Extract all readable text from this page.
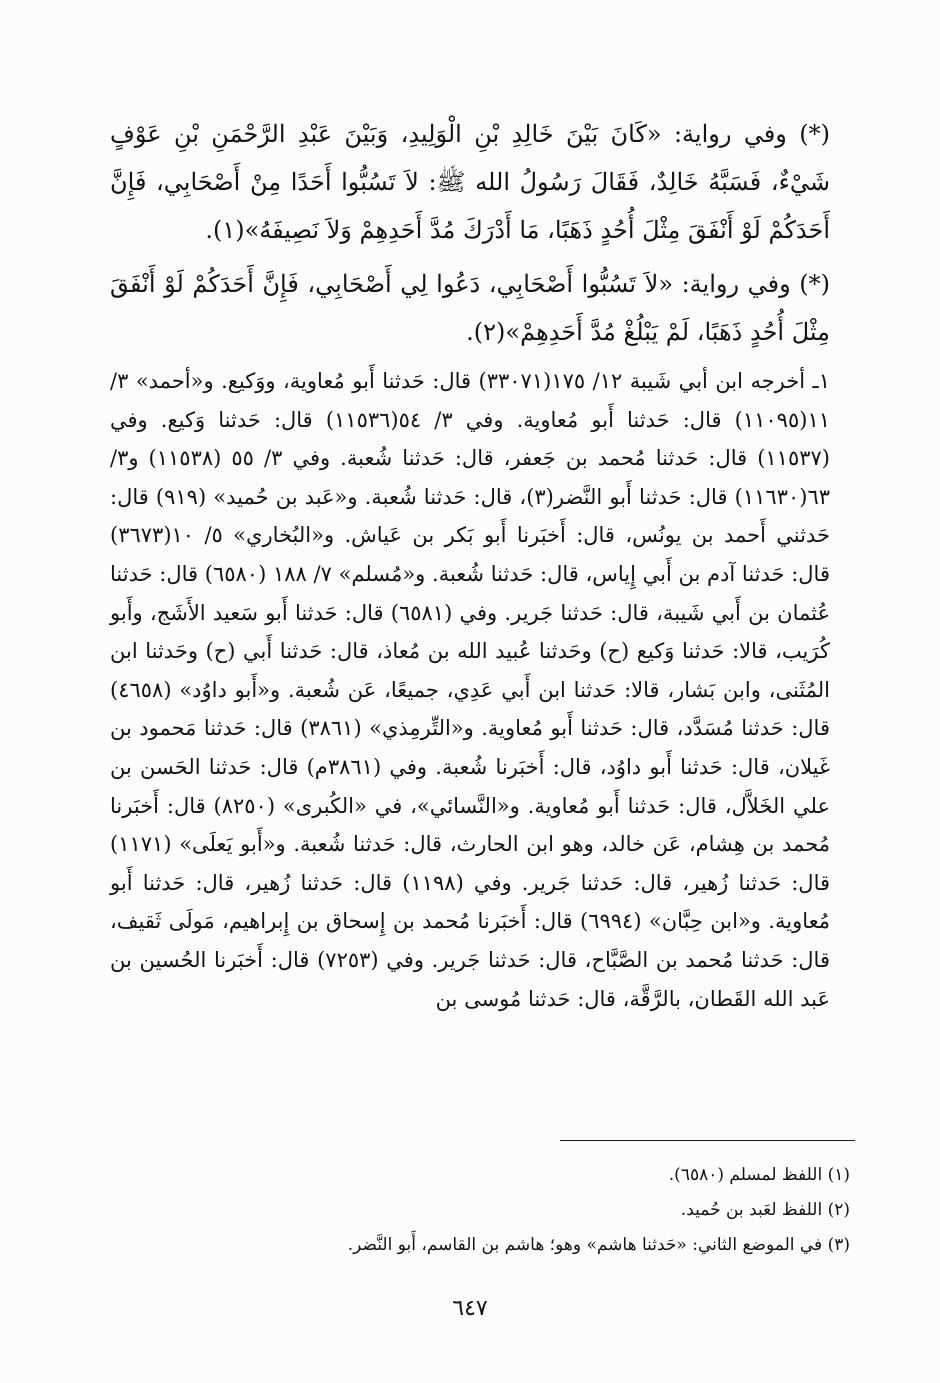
(*) وفي رواية: «كَانَ بَيْنَ خَالِدِ بْنِ الْوَلِيدِ، وَبَيْنَ عَبْدِ الرَّحْمَنِ بْنِ عَوْفٍ شَيْءٌ، فَسَبَّهُ خَالِدٌ، فَقَالَ رَسُولُ الله ﷺ: لاَ تَسُبُّوا أَحَدًا مِنْ أَصْحَابِي، فَإِنَّ أَحَدَكُمْ لَوْ أَنْفَقَ مِثْلَ أُحُدٍ ذَهَبًا، مَا أَدْرَكَ مُدَّ أَحَدِهِمْ وَلاَ نَصِيفَهُ»(١).

(*) وفي رواية: «لاَ تَسُبُّوا أَصْحَابِي، دَعُوا لِي أَصْحَابِي، فَإِنَّ أَحَدَكُمْ لَوْ أَنْفَقَ مِثْلَ أُحُدٍ ذَهَبًا، لَمْ يَبْلُغْ مُدَّ أَحَدِهِمْ»(٢).

١ـ أخرجه ابن أبي شَيبة ١٢/ ١٧٥(٣٣٠٧١) قال: حَدثنا أَبو مُعاوية، ووَكيع. و«أحمد» ٣/ ١١(١١٠٩٥) قال: حَدثنا أَبو مُعاوية. وفي ٣/ ٥٤(١١٥٣٦) قال: حَدثنا وَكيع. وفي (١١٥٣٧) قال: حَدثنا مُحمد بن جَعفر، قال: حَدثنا شُعبة. وفي ٣/ ٥٥ (١١٥٣٨) و٣/ ٦٣(١١٦٣٠) قال: حَدثنا أَبو النَّضر(٣)، قال: حَدثنا شُعبة. و«عَبد بن حُميد» (٩١٩) قال: حَدثني أَحمد بن يونُس، قال: أَخبَرنا أَبو بَكر بن عَياش. و«البُخاري» ٥/ ١٠(٣٦٧٣) قال: حَدثنا آدم بن أَبي إِياس، قال: حَدثنا شُعبة. و«مُسلم» ٧/ ١٨٨ (٦٥٨٠) قال: حَدثنا عُثمان بن أَبي شَيبة، قال: حَدثنا جَرير. وفي (٦٥٨١) قال: حَدثنا أَبو سَعيد الأَشَج، وأَبو كُرَيب، قالا: حَدثنا وَكيع (ح) وحَدثنا عُبيد الله بن مُعاذ، قال: حَدثنا أَبي (ح) وحَدثنا ابن المُثَنى، وابن بَشار، قالا: حَدثنا ابن أَبي عَدِي، جميعًا، عَن شُعبة. و«أَبو داوُد» (٤٦٥٨) قال: حَدثنا مُسَدَّد، قال: حَدثنا أَبو مُعاوية. و«التِّرمِذي» (٣٨٦١) قال: حَدثنا مَحمود بن غَيلان، قال: حَدثنا أَبو داوُد، قال: أَخبَرنا شُعبة. وفي (٣٨٦١م) قال: حَدثنا الحَسن بن علي الخَلاَّل، قال: حَدثنا أَبو مُعاوية. و«النَّسائي»، في «الكُبرى» (٨٢٥٠) قال: أَخبَرنا مُحمد بن هِشام، عَن خالد، وهو ابن الحارث، قال: حَدثنا شُعبة. و«أَبو يَعلَى» (١١٧١) قال: حَدثنا زُهير، قال: حَدثنا جَرير. وفي (١١٩٨) قال: حَدثنا زُهير، قال: حَدثنا أَبو مُعاوية. و«ابن حِبَّان» (٦٩٩٤) قال: أَخبَرنا مُحمد بن إِسحاق بن إِبراهيم، مَولَى ثَقيف، قال: حَدثنا مُحمد بن الصَّبَّاح، قال: حَدثنا جَرير. وفي (٧٢٥٣) قال: أَخبَرنا الحُسين بن عَبد الله القَطان، بالرَّقَّة، قال: حَدثنا مُوسى بن

(١) اللفظ لمسلم (٦٥٨٠).

(٢) اللفظ لعَبد بن حُميد.

(٣) في الموضع الثاني: «حَدثنا هاشم» وهو؛ هاشم بن القاسم، أَبو النَّضر.

٦٤٧
